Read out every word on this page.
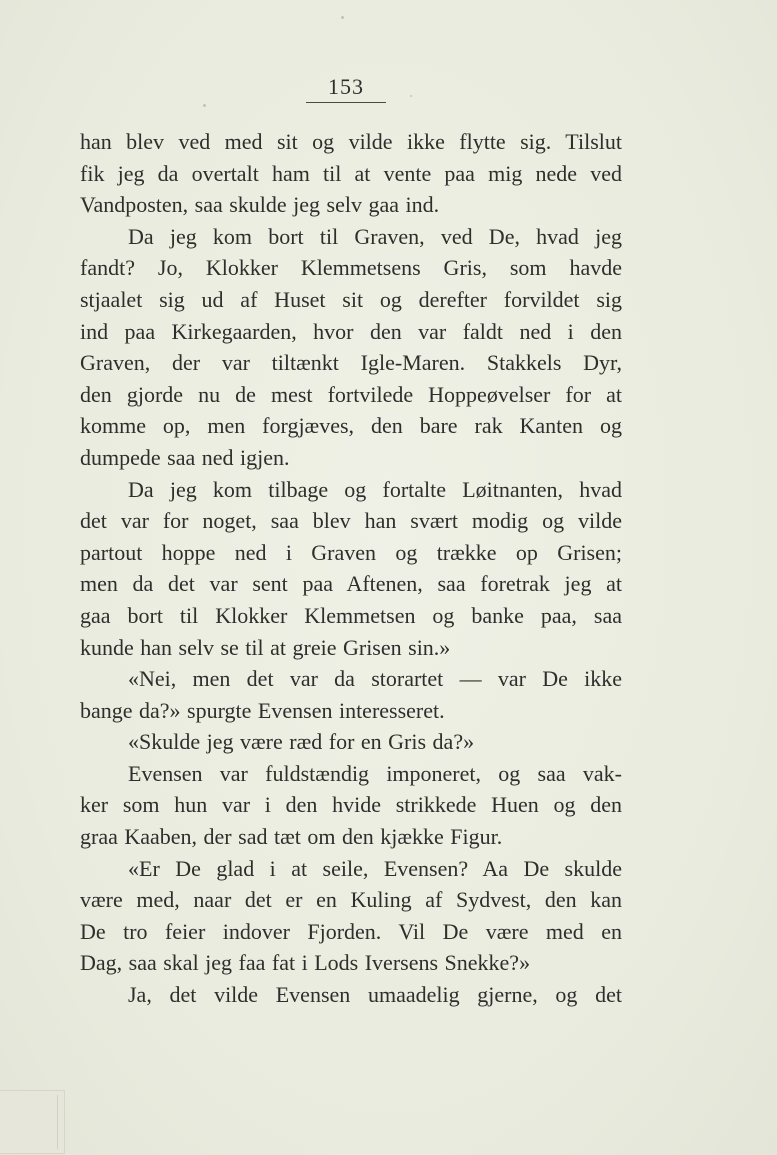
153
han blev ved med sit og vilde ikke flytte sig. Tilslut
fik jeg da overtalt ham til at vente paa mig nede ved
Vandposten, saa skulde jeg selv gaa ind.
Da jeg kom bort til Graven, ved De, hvad jeg
fandt? Jo, Klokker Klemmetsens Gris, som havde
stjaalet sig ud af Huset sit og derefter forvildet sig
ind paa Kirkegaarden, hvor den var faldt ned i den
Graven, der var tiltænkt Igle-Maren. Stakkels Dyr,
den gjorde nu de mest fortvilede Hoppeøvelser for at
komme op, men forgjæves, den bare rak Kanten og
dumpede saa ned igjen.
Da jeg kom tilbage og fortalte Løitnanten, hvad
det var for noget, saa blev han svært modig og vilde
partout hoppe ned i Graven og trække op Grisen;
men da det var sent paa Aftenen, saa foretrak jeg at
gaa bort til Klokker Klemmetsen og banke paa, saa
kunde han selv se til at greie Grisen sin.»
«Nei, men det var da storartet — var De ikke
bange da?» spurgte Evensen interesseret.
«Skulde jeg være ræd for en Gris da?»
Evensen var fuldstændig imponeret, og saa vak-
ker som hun var i den hvide strikkede Huen og den
graa Kaaben, der sad tæt om den kjække Figur.
«Er De glad i at seile, Evensen? Aa De skulde
være med, naar det er en Kuling af Sydvest, den kan
De tro feier indover Fjorden. Vil De være med en
Dag, saa skal jeg faa fat i Lods Iversens Snekke?»
Ja, det vilde Evensen umaadelig gjerne, og det
